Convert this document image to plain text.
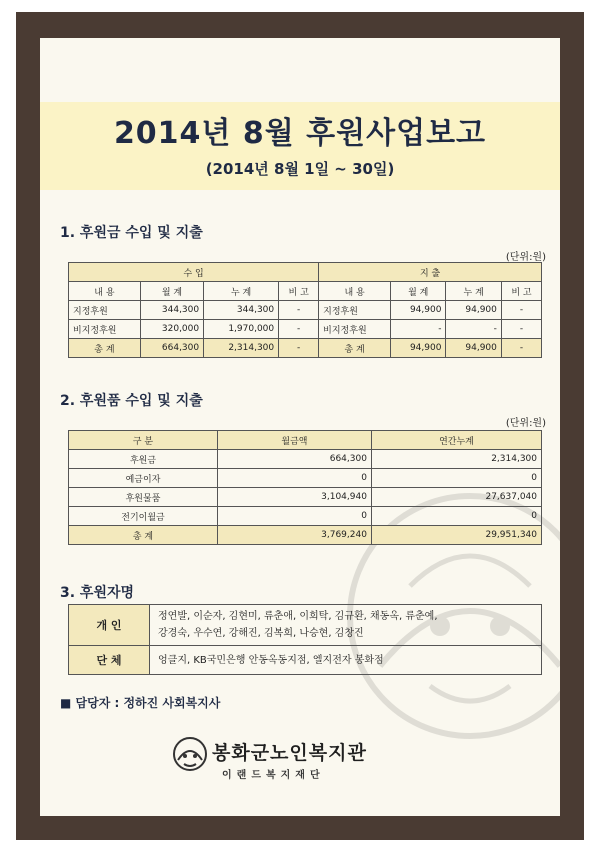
2014년 8월 후원사업보고
(2014년 8월 1일 ~ 30일)
1. 후원금 수입 및 지출
(단위:원)
수 입				지 출			
내 용	월 계	누 계	비 고	내 용	월 계	누 계	비 고
지정후원	344,300	344,300	-	지정후원	94,900	94,900	-
비지정후원	320,000	1,970,000	-	비지정후원	-	-	-
총 계	664,300	2,314,300	-	총 계	94,900	94,900	-
2. 후원품 수입 및 지출
(단위:원)
구 분	월금액	연간누계
후원금	664,300	2,314,300
예금이자	0	0
후원물품	3,104,940	27,637,040
전기이월금	0	0
총 계	3,769,240	29,951,340
3. 후원자명
개 인	정연발, 이순자, 김현미, 류춘애, 이희탁, 김규환, 채동옥, 류춘예,
강경숙, 우수연, 강해진, 김복희, 나승현, 김창진

단 체	엉클지, KB국민은행 안동옥동지점, 엘지전자 봉화점
■ 담당자 : 정하진 사회복지사
봉화군노인복지관
이랜드복지재단
